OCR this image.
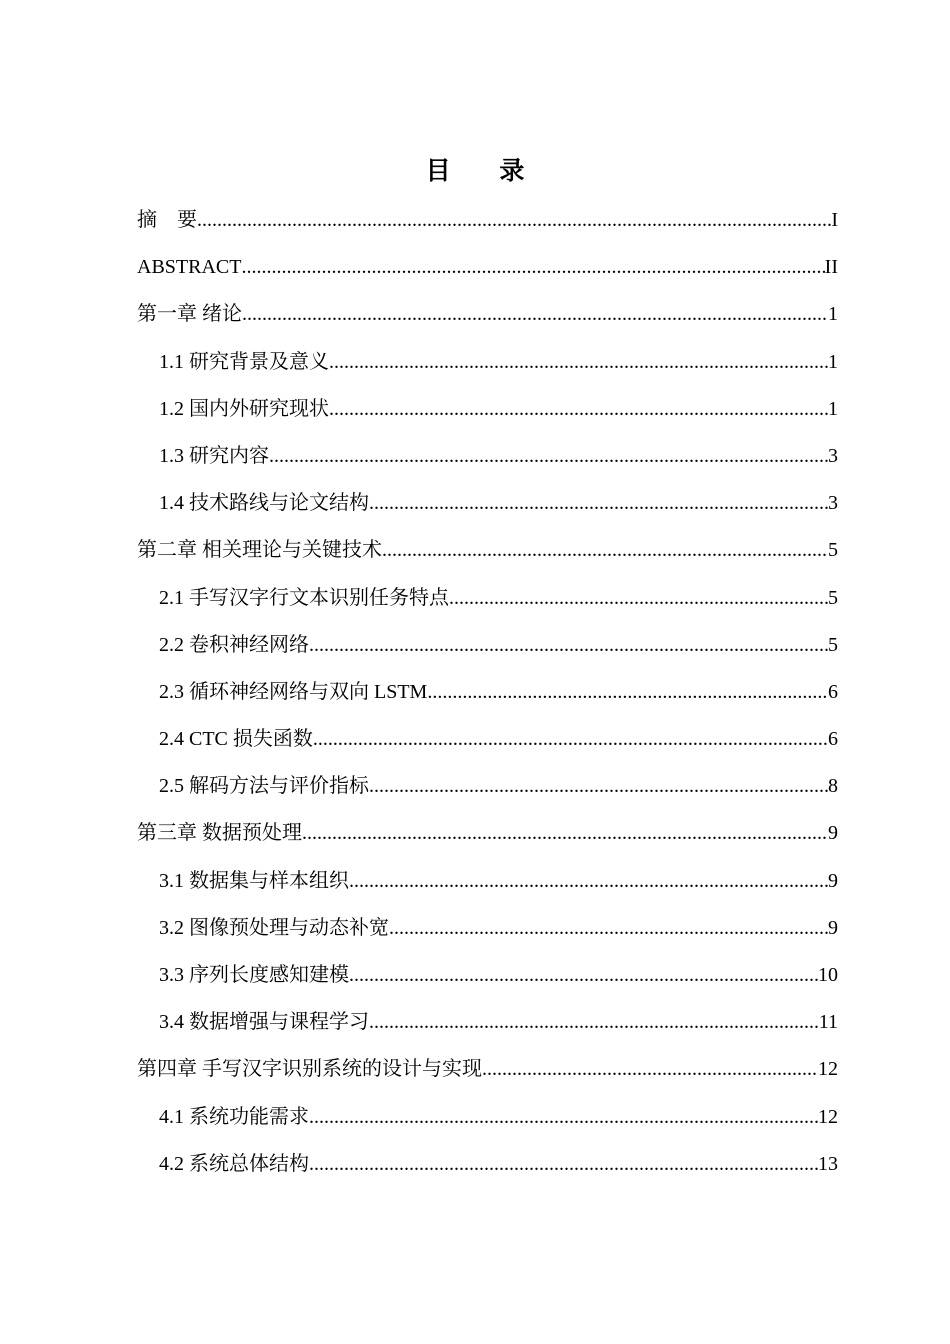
目 录
摘　要 .....	I
ABSTRACT .....	II
第一章 绪论 .....	1
1.1 研究背景及意义 .....	1
1.2 国内外研究现状 .....	1
1.3 研究内容 .....	3
1.4 技术路线与论文结构 .....	3
第二章 相关理论与关键技术 .....	5
2.1 手写汉字行文本识别任务特点 .....	5
2.2 卷积神经网络 .....	5
2.3 循环神经网络与双向 LSTM .....	6
2.4 CTC 损失函数 .....	6
2.5 解码方法与评价指标 .....	8
第三章 数据预处理 .....	9
3.1 数据集与样本组织 .....	9
3.2 图像预处理与动态补宽 .....	9
3.3 序列长度感知建模 .....	10
3.4 数据增强与课程学习 .....	11
第四章 手写汉字识别系统的设计与实现 .....	12
4.1 系统功能需求 .....	12
4.2 系统总体结构 .....	13
